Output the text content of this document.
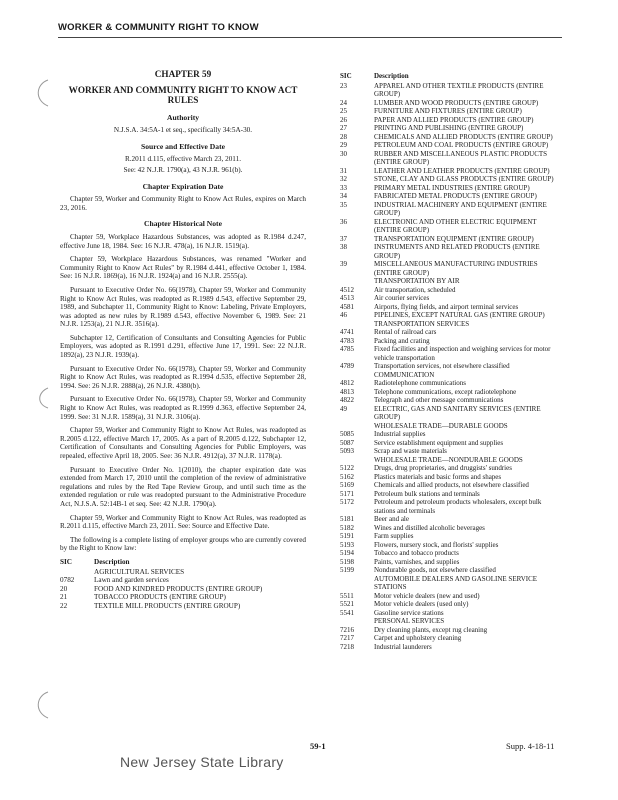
WORKER & COMMUNITY RIGHT TO KNOW
CHAPTER 59
WORKER AND COMMUNITY RIGHT TO KNOW ACT RULES
Authority
N.J.S.A. 34:5A-1 et seq., specifically 34:5A-30.
Source and Effective Date
R.2011 d.115, effective March 23, 2011.
See: 42 N.J.R. 1790(a), 43 N.J.R. 961(b).
Chapter Expiration Date
Chapter 59, Worker and Community Right to Know Act Rules, expires on March 23, 2016.
Chapter Historical Note
Chapter 59, Workplace Hazardous Substances, was adopted as R.1984 d.247, effective June 18, 1984. See: 16 N.J.R. 478(a), 16 N.J.R. 1519(a).
Chapter 59, Workplace Hazardous Substances, was renamed "Worker and Community Right to Know Act Rules" by R.1984 d.441, effective October 1, 1984. See: 16 N.J.R. 1869(a), 16 N.J.R. 1924(a) and 16 N.J.R. 2555(a).
Pursuant to Executive Order No. 66(1978), Chapter 59, Worker and Community Right to Know Act Rules, was readopted as R.1989 d.543, effective September 29, 1989, and Subchapter 11, Community Right to Know: Labeling, Private Employers, was adopted as new rules by R.1989 d.543, effective November 6, 1989. See: 21 N.J.R. 1253(a), 21 N.J.R. 3516(a).
Subchapter 12, Certification of Consultants and Consulting Agencies for Public Employers, was adopted as R.1991 d.291, effective June 17, 1991. See: 22 N.J.R. 1892(a), 23 N.J.R. 1939(a).
Pursuant to Executive Order No. 66(1978), Chapter 59, Worker and Community Right to Know Act Rules, was readopted as R.1994 d.535, effective September 28, 1994. See: 26 N.J.R. 2888(a), 26 N.J.R. 4380(b).
Pursuant to Executive Order No. 66(1978), Chapter 59, Worker and Community Right to Know Act Rules, was readopted as R.1999 d.363, effective September 24, 1999. See: 31 N.J.R. 1589(a), 31 N.J.R. 3106(a).
Chapter 59, Worker and Community Right to Know Act Rules, was readopted as R.2005 d.122, effective March 17, 2005. As a part of R.2005 d.122, Subchapter 12, Certification of Consultants and Consulting Agencies for Public Employers, was repealed, effective April 18, 2005. See: 36 N.J.R. 4912(a), 37 N.J.R. 1178(a).
Pursuant to Executive Order No. 1(2010), the chapter expiration date was extended from March 17, 2010 until the completion of the review of administrative regulations and rules by the Red Tape Review Group, and until such time as the extended regulation or rule was readopted pursuant to the Administrative Procedure Act, N.J.S.A. 52:14B-1 et seq. See: 42 N.J.R. 1790(a).
Chapter 59, Worker and Community Right to Know Act Rules, was readopted as R.2011 d.115, effective March 23, 2011. See: Source and Effective Date.
The following is a complete listing of employer groups who are currently covered by the Right to Know law:
SIC	Description
	AGRICULTURAL SERVICES
0782	Lawn and garden services
20	FOOD AND KINDRED PRODUCTS (ENTIRE GROUP)
21	TOBACCO PRODUCTS (ENTIRE GROUP)
22	TEXTILE MILL PRODUCTS (ENTIRE GROUP)
SIC	Description
23	APPAREL AND OTHER TEXTILE PRODUCTS (ENTIRE GROUP)
24	LUMBER AND WOOD PRODUCTS (ENTIRE GROUP)
25	FURNITURE AND FIXTURES (ENTIRE GROUP)
26	PAPER AND ALLIED PRODUCTS (ENTIRE GROUP)
27	PRINTING AND PUBLISHING (ENTIRE GROUP)
28	CHEMICALS AND ALLIED PRODUCTS (ENTIRE GROUP)
29	PETROLEUM AND COAL PRODUCTS (ENTIRE GROUP)
30	RUBBER AND MISCELLANEOUS PLASTIC PRODUCTS (ENTIRE GROUP)
31	LEATHER AND LEATHER PRODUCTS (ENTIRE GROUP)
32	STONE, CLAY AND GLASS PRODUCTS (ENTIRE GROUP)
33	PRIMARY METAL INDUSTRIES (ENTIRE GROUP)
34	FABRICATED METAL PRODUCTS (ENTIRE GROUP)
35	INDUSTRIAL MACHINERY AND EQUIPMENT (ENTIRE GROUP)
36	ELECTRONIC AND OTHER ELECTRIC EQUIPMENT (ENTIRE GROUP)
37	TRANSPORTATION EQUIPMENT (ENTIRE GROUP)
38	INSTRUMENTS AND RELATED PRODUCTS (ENTIRE GROUP)
39	MISCELLANEOUS MANUFACTURING INDUSTRIES (ENTIRE GROUP)
	TRANSPORTATION BY AIR
4512	Air transportation, scheduled
4513	Air courier services
4581	Airports, flying fields, and airport terminal services
46	PIPELINES, EXCEPT NATURAL GAS (ENTIRE GROUP)
	TRANSPORTATION SERVICES
4741	Rental of railroad cars
4783	Packing and crating
4785	Fixed facilities and inspection and weighing services for motor vehicle transportation
4789	Transportation services, not elsewhere classified
	COMMUNICATION
4812	Radiotelephone communications
4813	Telephone communications, except radiotelephone
4822	Telegraph and other message communications
49	ELECTRIC, GAS AND SANITARY SERVICES (ENTIRE GROUP)
	WHOLESALE TRADE—DURABLE GOODS
5085	Industrial supplies
5087	Service establishment equipment and supplies
5093	Scrap and waste materials
	WHOLESALE TRADE—NONDURABLE GOODS
5122	Drugs, drug proprietaries, and druggists' sundries
5162	Plastics materials and basic forms and shapes
5169	Chemicals and allied products, not elsewhere classified
5171	Petroleum bulk stations and terminals
5172	Petroleum and petroleum products wholesalers, except bulk stations and terminals
5181	Beer and ale
5182	Wines and distilled alcoholic beverages
5191	Farm supplies
5193	Flowers, nursery stock, and florists' supplies
5194	Tobacco and tobacco products
5198	Paints, varnishes, and supplies
5199	Nondurable goods, not elsewhere classified
	AUTOMOBILE DEALERS AND GASOLINE SERVICE STATIONS
5511	Motor vehicle dealers (new and used)
5521	Motor vehicle dealers (used only)
5541	Gasoline service stations
	PERSONAL SERVICES
7216	Dry cleaning plants, except rug cleaning
7217	Carpet and upholstery cleaning
7218	Industrial launderers
59-1	Supp. 4-18-11
New Jersey State Library
